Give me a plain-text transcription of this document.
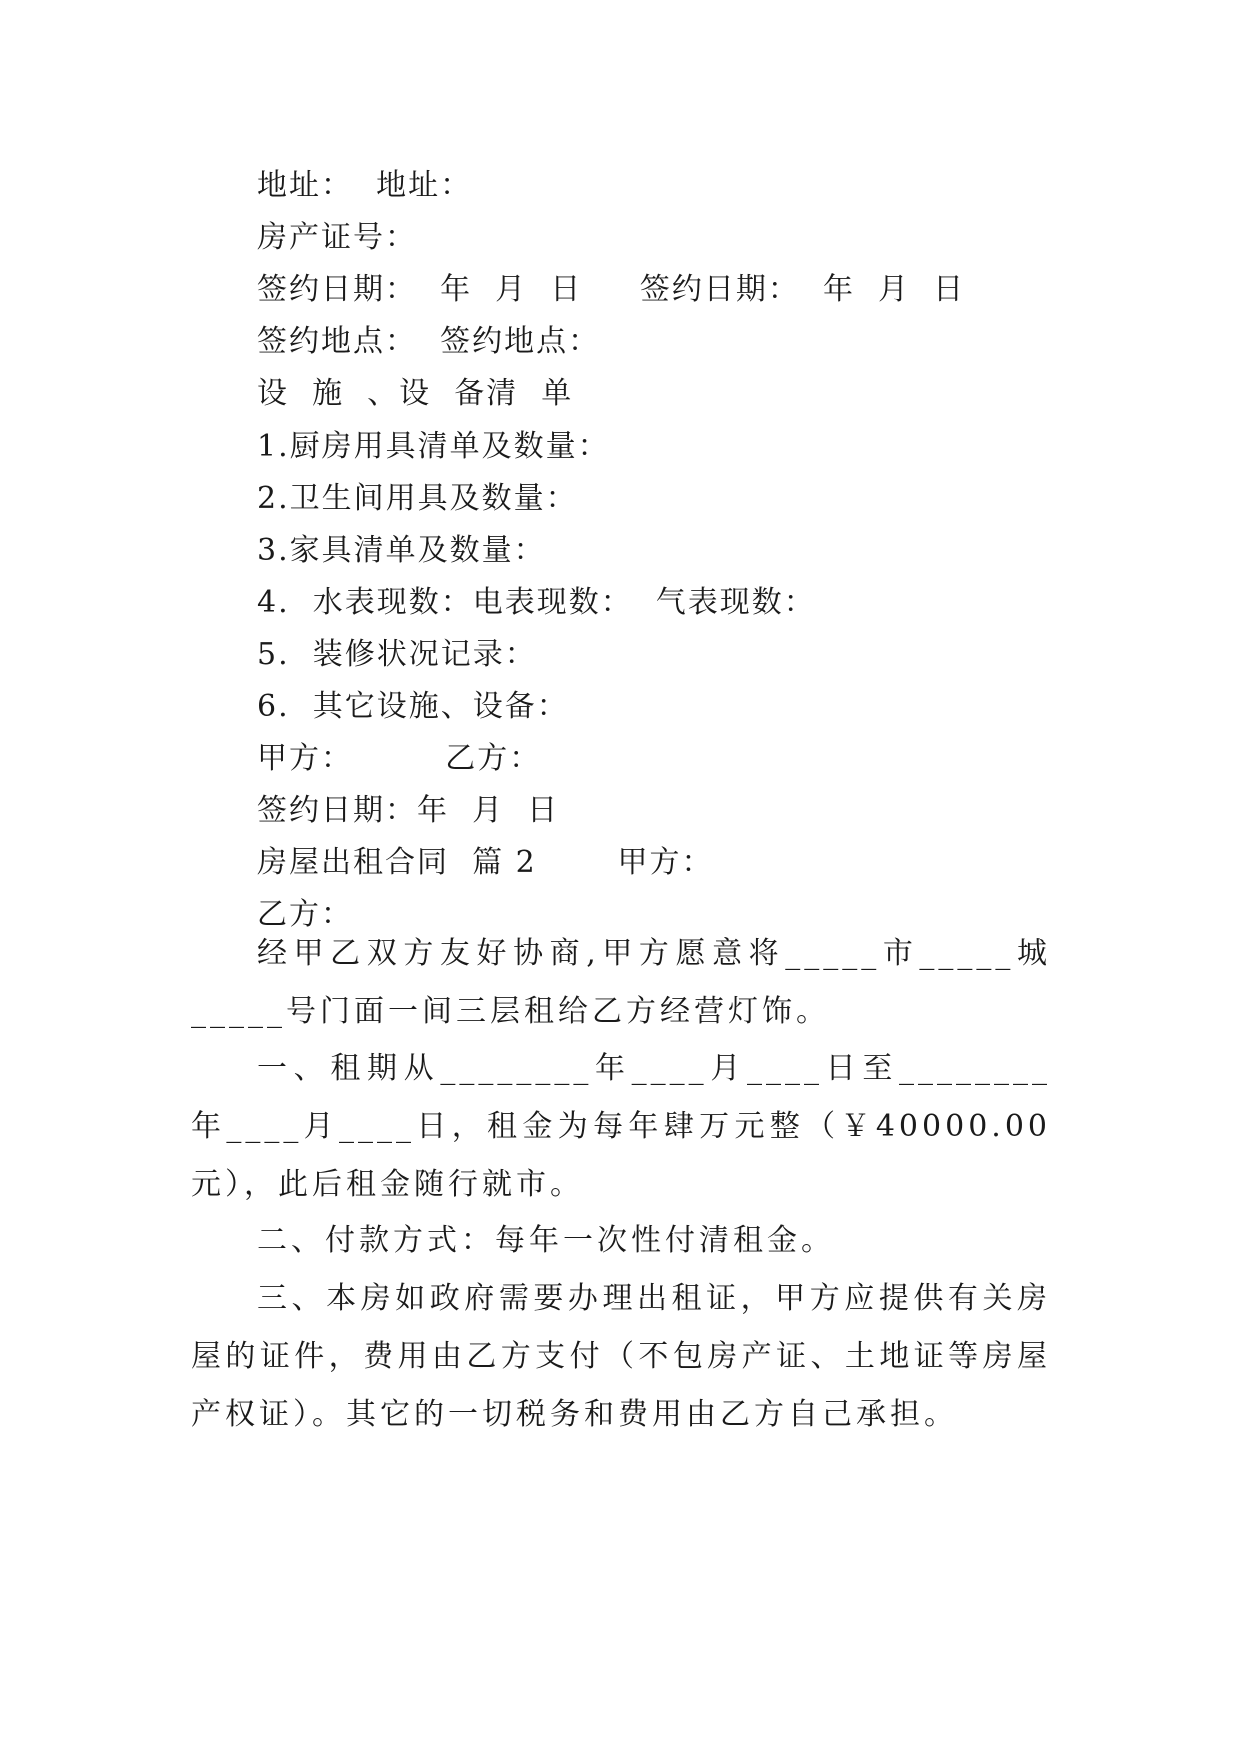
地址：  地址：
房产证号：
签约日期：  年  月  日     签约日期：  年  月  日
签约地点：  签约地点：
设  施  、设  备清  单
1.厨房用具清单及数量：
2.卫生间用具及数量：
3.家具清单及数量：
4.  水表现数：电表现数：  气表现数：
5.  装修状况记录：
6.  其它设施、设备：
甲方：        乙方：
签约日期：年  月  日
房屋出租合同  篇 2       甲方：
乙方：
经甲乙双方友好协商,甲方愿意将_____市_____城_____号门面一间三层租给乙方经营灯饰。
一、租期从________年____月____日至________年____月____日，租金为每年肆万元整（￥40000.00元），此后租金随行就市。
二、付款方式：每年一次性付清租金。
三、本房如政府需要办理出租证，甲方应提供有关房屋的证件，费用由乙方支付（不包房产证、土地证等房屋产权证）。其它的一切税务和费用由乙方自己承担。
